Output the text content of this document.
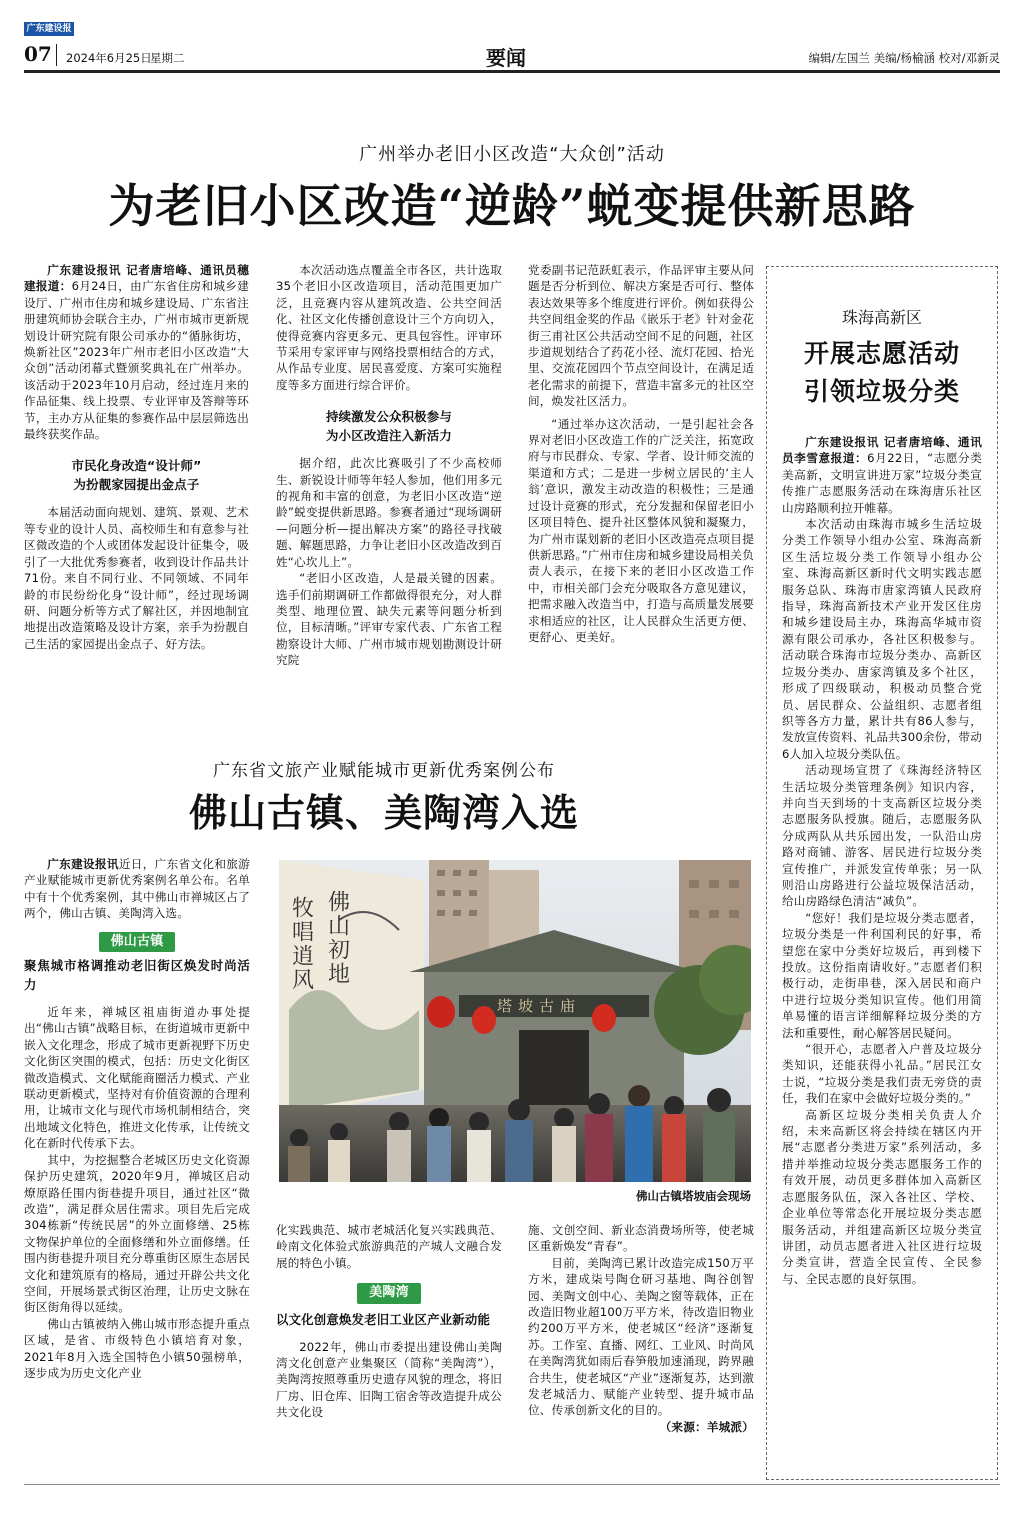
广东建设报
07 2024年6月25日
星期二	要闻	编辑/左国兰 美编/杨榆涵 校对/邓新灵
广州举办老旧小区改造“大众创”活动
为老旧小区改造“逆龄”蜕变提供新思路

广东建设报讯 记者唐培峰、通讯员穗建报道：6月24日，由广东省住房和城乡建设厅、广州市住房和城乡建设局、广东省注册建筑师协会联合主办，广州市城市更新规划设计研究院有限公司承办的“循脉街坊，焕新社区”2023年广州市老旧小区改造“大众创”活动闭幕式暨颁奖典礼在广州举办。该活动于2023年10月启动，经过连月来的作品征集、线上投票、专业评审及答辩等环节，主办方从征集的参赛作品中层层筛选出最终获奖作品。

市民化身改造“设计师”
为扮靓家园提出金点子

本届活动面向规划、建筑、景观、艺术等专业的设计人员、高校师生和有意参与社区微改造的个人或团体发起设计征集令，吸引了一大批优秀参赛者，收到设计作品共计71份。来自不同行业、不同领域、不同年龄的市民纷纷化身“设计师”，经过现场调研、问题分析等方式了解社区，并因地制宜地提出改造策略及设计方案，亲手为扮靓自己生活的家园提出金点子、好方法。

本次活动选点覆盖全市各区，共计选取35个老旧小区改造项目，活动范围更加广泛，且竞赛内容从建筑改造、公共空间活化、社区文化传播创意设计三个方向切入，使得竞赛内容更多元、更具包容性。评审环节采用专家评审与网络投票相结合的方式，从作品专业度、居民喜爱度、方案可实施程度等多方面进行综合评价。

持续激发公众积极参与
为小区改造注入新活力

据介绍，此次比赛吸引了不少高校师生、新锐设计师等年轻人参加，他们用多元的视角和丰富的创意，为老旧小区改造“逆龄”蜕变提供新思路。参赛者通过“现场调研—问题分析—提出解决方案”的路径寻找破题、解题思路，力争让老旧小区改造改到百姓“心坎儿上”。

“老旧小区改造，人是最关键的因素。选手们前期调研工作都做得很充分，对人群类型、地理位置、缺失元素等问题分析到位，目标清晰。”评审专家代表、广东省工程勘察设计大师、广州市城市规划勘测设计研究院

党委副书记范跃虹表示，作品评审主要从问题是否分析到位、解决方案是否可行、整体表达效果等多个维度进行评价。例如获得公共空间组金奖的作品《嵌乐于老》针对金花街三甫社区公共活动空间不足的问题，社区步道规划结合了药花小径、流灯花园、拾光里、交流花园四个节点空间设计，在满足适老化需求的前提下，营造丰富多元的社区空间，焕发社区活力。

“通过举办这次活动，一是引起社会各界对老旧小区改造工作的广泛关注，拓宽政府与市民群众、专家、学者、设计师交流的渠道和方式；二是进一步树立居民的‘主人翁’意识，激发主动改造的积极性；三是通过设计竞赛的形式，充分发掘和保留老旧小区项目特色、提升社区整体风貌和凝聚力，为广州市谋划新的老旧小区改造亮点项目提供新思路。”广州市住房和城乡建设局相关负责人表示，在接下来的老旧小区改造工作中，市相关部门会充分吸取各方意见建议，把需求融入改造当中，打造与高质量发展要求相适应的社区，让人民群众生活更方便、更舒心、更美好。

珠海高新区
开展志愿活动
引领垃圾分类

广东建设报讯 记者唐培峰、通讯员李雪意报道：6月22日，“志愿分类美高新，文明宣讲进万家”垃圾分类宣传推广志愿服务活动在珠海唐乐社区山房路顺利拉开帷幕。

本次活动由珠海市城乡生活垃圾分类工作领导小组办公室、珠海高新区生活垃圾分类工作领导小组办公室、珠海高新区新时代文明实践志愿服务总队、珠海市唐家湾镇人民政府指导，珠海高新技术产业开发区住房和城乡建设局主办，珠海高华城市资源有限公司承办，各社区积极参与。活动联合珠海市垃圾分类办、高新区垃圾分类办、唐家湾镇及多个社区，形成了四级联动，积极动员整合党员、居民群众、公益组织、志愿者组织等各方力量，累计共有86人参与，发放宣传资料、礼品共300余份，带动6人加入垃圾分类队伍。

活动现场宣贯了《珠海经济特区生活垃圾分类管理条例》知识内容，并向当天到场的十支高新区垃圾分类志愿服务队授旗。随后，志愿服务队分成两队从共乐园出发，一队沿山房路对商铺、游客、居民进行垃圾分类宣传推广，并派发宣传单张；另一队则沿山房路进行公益垃圾保洁活动，给山房路绿色清洁“减负”。

“您好！我们是垃圾分类志愿者，垃圾分类是一件利国利民的好事，希望您在家中分类好垃圾后，再到楼下投放。这份指南请收好。”志愿者们积极行动，走街串巷，深入居民和商户中进行垃圾分类知识宣传。他们用简单易懂的语言详细解释垃圾分类的方法和重要性，耐心解答居民疑问。

“很开心，志愿者入户普及垃圾分类知识，还能获得小礼品。”居民江女士说，“垃圾分类是我们责无旁贷的责任，我们在家中会做好垃圾分类的。”

高新区垃圾分类相关负责人介绍，未来高新区将会持续在辖区内开展“志愿者分类进万家”系列活动，多措并举推动垃圾分类志愿服务工作的有效开展，动员更多群体加入高新区志愿服务队伍，深入各社区、学校、企业单位等常态化开展垃圾分类志愿服务活动，并组建高新区垃圾分类宣讲团，动员志愿者进入社区进行垃圾分类宣讲，营造全民宣传、全民参与、全民志愿的良好氛围。

广东省文旅产业赋能城市更新优秀案例公布
佛山古镇、美陶湾入选

广东建设报讯近日，广东省文化和旅游产业赋能城市更新优秀案例名单公布。名单中有十个优秀案例，其中佛山市禅城区占了两个，佛山古镇、美陶湾入选。

佛山古镇
聚焦城市格调推动老旧街区焕发时尚活力

近年来，禅城区祖庙街道办事处提出“佛山古镇”战略目标，在街道城市更新中嵌入文化理念，形成了城市更新视野下历史文化街区突围的模式，包括：历史文化街区微改造模式、文化赋能商圈活力模式、产业联动更新模式，坚持对有价值资源的合理利用，让城市文化与现代市场机制相结合，突出地域文化特色，推进文化传承，让传统文化在新时代传承下去。

其中，为挖掘整合老城区历史文化资源保护历史建筑，2020年9月，禅城区启动燎原路任围内街巷提升项目，通过社区“微改造”，满足群众居住需求。项目先后完成304栋新“传统民居”的外立面修缮、25栋文物保护单位的全面修缮和外立面修缮。任围内街巷提升项目充分尊重街区原生态居民文化和建筑原有的格局，通过开辟公共文化空间，开展场景式街区治理，让历史文脉在街区街角得以延续。

佛山古镇被纳入佛山城市形态提升重点区域，是省、市级特色小镇培育对象，2021年8月入选全国特色小镇50强榜单，逐步成为历史文化产业

牧唱逍风 佛山初地
塔坡古庙
佛山古镇塔坡庙会现场

化实践典范、城市老城活化复兴实践典范、岭南文化体验式旅游典范的产城人文融合发展的特色小镇。

美陶湾
以文化创意焕发老旧工业区产业新动能

2022年，佛山市委提出建设佛山美陶湾文化创意产业集聚区（简称“美陶湾”），美陶湾按照尊重历史遗存风貌的理念，将旧厂房、旧仓库、旧陶工宿舍等改造提升成公共文化设

施、文创空间、新业态消费场所等，使老城区重新焕发“青春”。

目前，美陶湾已累计改造完成150万平方米，建成柒号陶仓研习基地、陶谷创智园、美陶文创中心、美陶之窗等载体，正在改造旧物业超100万平方米，待改造旧物业约200万平方米，使老城区“经济”逐渐复苏。工作室、直播、网红、工业风、时尚风在美陶湾犹如雨后春笋般加速涌现，跨界融合共生，使老城区“产业”逐渐复苏，达到激发老城活力、赋能产业转型、提升城市品位、传承创新文化的目的。

（来源：羊城派）
